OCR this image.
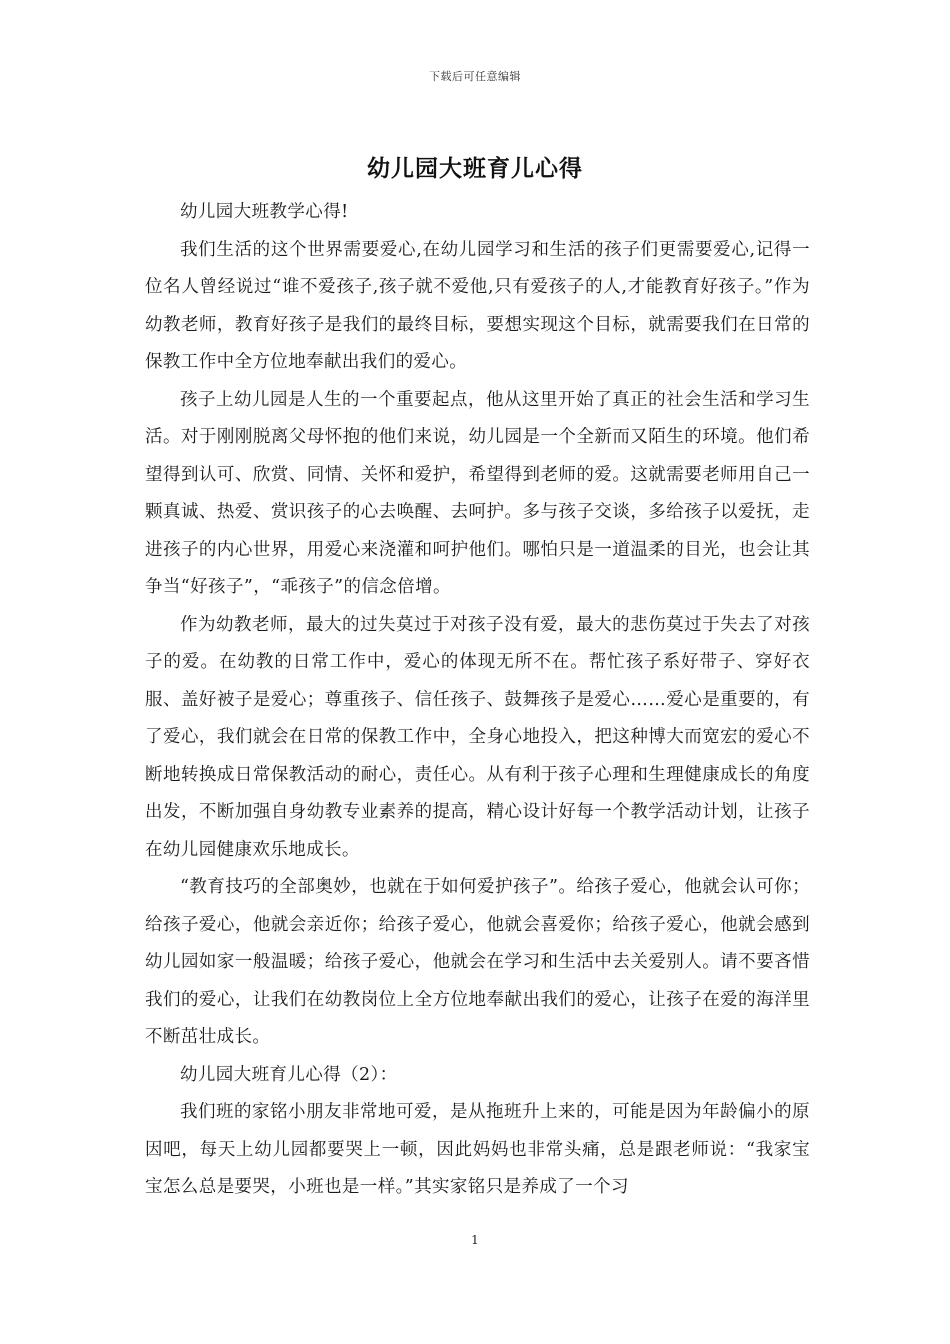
下载后可任意编辑
幼儿园大班育儿心得

幼儿园大班教学心得!

我们生活的这个世界需要爱心,在幼儿园学习和生活的孩子们更需要爱心,记得一位名人曾经说过“谁不爱孩子,孩子就不爱他,只有爱孩子的人,才能教育好孩子。”作为幼教老师，教育好孩子是我们的最终目标，要想实现这个目标，就需要我们在日常的保教工作中全方位地奉献出我们的爱心。

孩子上幼儿园是人生的一个重要起点，他从这里开始了真正的社会生活和学习生活。对于刚刚脱离父母怀抱的他们来说，幼儿园是一个全新而又陌生的环境。他们希望得到认可、欣赏、同情、关怀和爱护，希望得到老师的爱。这就需要老师用自己一颗真诚、热爱、赏识孩子的心去唤醒、去呵护。多与孩子交谈，多给孩子以爱抚，走进孩子的内心世界，用爱心来浇灌和呵护他们。哪怕只是一道温柔的目光，也会让其争当“好孩子”，“乖孩子”的信念倍增。

作为幼教老师，最大的过失莫过于对孩子没有爱，最大的悲伤莫过于失去了对孩子的爱。在幼教的日常工作中，爱心的体现无所不在。帮忙孩子系好带子、穿好衣服、盖好被子是爱心；尊重孩子、信任孩子、鼓舞孩子是爱心……爱心是重要的，有了爱心，我们就会在日常的保教工作中，全身心地投入，把这种博大而宽宏的爱心不断地转换成日常保教活动的耐心，责任心。从有利于孩子心理和生理健康成长的角度出发，不断加强自身幼教专业素养的提高，精心设计好每一个教学活动计划，让孩子在幼儿园健康欢乐地成长。

“教育技巧的全部奥妙，也就在于如何爱护孩子”。给孩子爱心，他就会认可你；给孩子爱心，他就会亲近你；给孩子爱心，他就会喜爱你；给孩子爱心，他就会感到幼儿园如家一般温暖；给孩子爱心，他就会在学习和生活中去关爱别人。请不要吝惜我们的爱心，让我们在幼教岗位上全方位地奉献出我们的爱心，让孩子在爱的海洋里不断茁壮成长。

幼儿园大班育儿心得（2）：

我们班的家铭小朋友非常地可爱，是从拖班升上来的，可能是因为年龄偏小的原因吧，每天上幼儿园都要哭上一顿，因此妈妈也非常头痛，总是跟老师说：“我家宝宝怎么总是要哭，小班也是一样。”其实家铭只是养成了一个习

1
